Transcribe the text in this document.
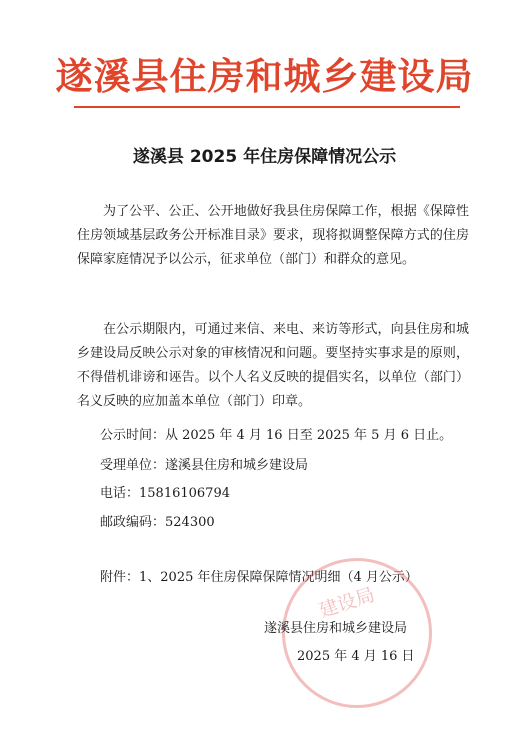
遂溪县住房和城乡建设局
遂溪县 2025 年住房保障情况公示

为了公平、公正、公开地做好我县住房保障工作，根据《保障性住房领域基层政务公开标准目录》要求，现将拟调整保障方式的住房保障家庭情况予以公示，征求单位（部门）和群众的意见。

在公示期限内，可通过来信、来电、来访等形式，向县住房和城乡建设局反映公示对象的审核情况和问题。要坚持实事求是的原则，不得借机诽谤和诬告。以个人名义反映的提倡实名，以单位（部门）名义反映的应加盖本单位（部门）印章。

公示时间：从 2025 年 4 月 16 日至 2025 年 5 月 6 日止。
受理单位：遂溪县住房和城乡建设局
电话：15816106794
邮政编码：524300
附件：1、2025 年住房保障保障情况明细（4 月公示）
建设局
遂溪县住房和城乡建设局
2025 年 4 月 16 日
